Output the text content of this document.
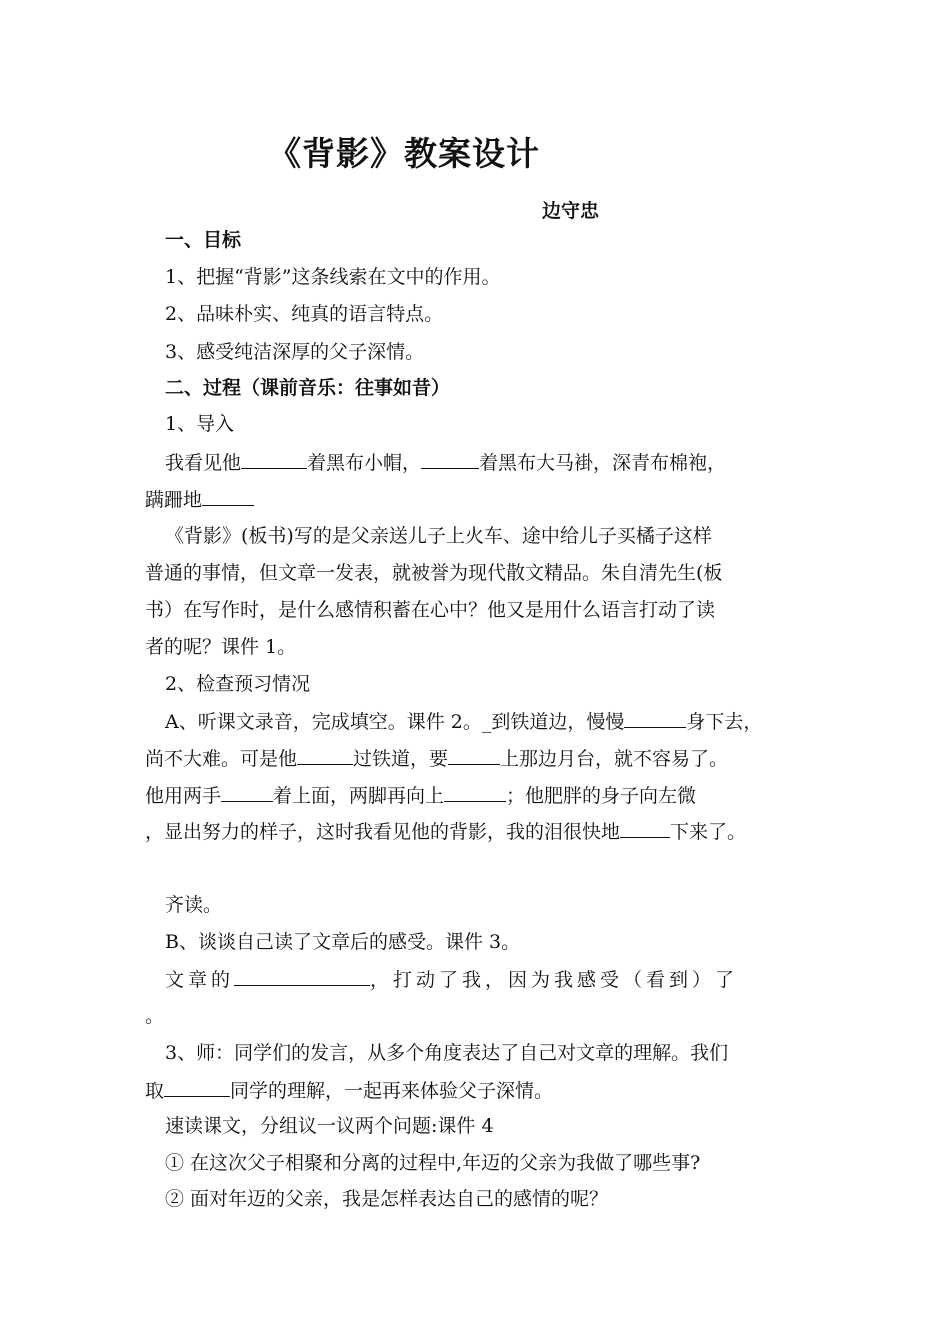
《背影》教案设计
边守忠
一、目标
1、把握“背影”这条线索在文中的作用。
2、品味朴实、纯真的语言特点。
3、感受纯洁深厚的父子深情。
二、过程（课前音乐：往事如昔）
1、导入
我看见他	着黑布小帽，	着黑布大马褂，深青布棉袍，
蹒跚地
《背影》(板书)写的是父亲送儿子上火车、途中给儿子买橘子这样
普通的事情，但文章一发表，就被誉为现代散文精品。朱自清先生(板
书）在写作时，是什么感情积蓄在心中？他又是用什么语言打动了读
者的呢？课件 1。
2、检查预习情况
A、听课文录音，完成填空。课件 2。_到铁道边，慢慢	身下去，
尚不大难。可是他	过铁道，要	上那边月台，就不容易了。
他用两手	着上面，两脚再向上	；他肥胖的身子向左微
，显出努力的样子，这时我看见他的背影，我的泪很快地	下来了。
齐读。
B、谈谈自己读了文章后的感受。课件 3。
文章的	，打动了我，因为我感受（看到）了
。
3、师：同学们的发言，从多个角度表达了自己对文章的理解。我们
取	同学的理解，一起再来体验父子深情。
速读课文，分组议一议两个问题:课件 4
① 在这次父子相聚和分离的过程中,年迈的父亲为我做了哪些事?
② 面对年迈的父亲，我是怎样表达自己的感情的呢？
